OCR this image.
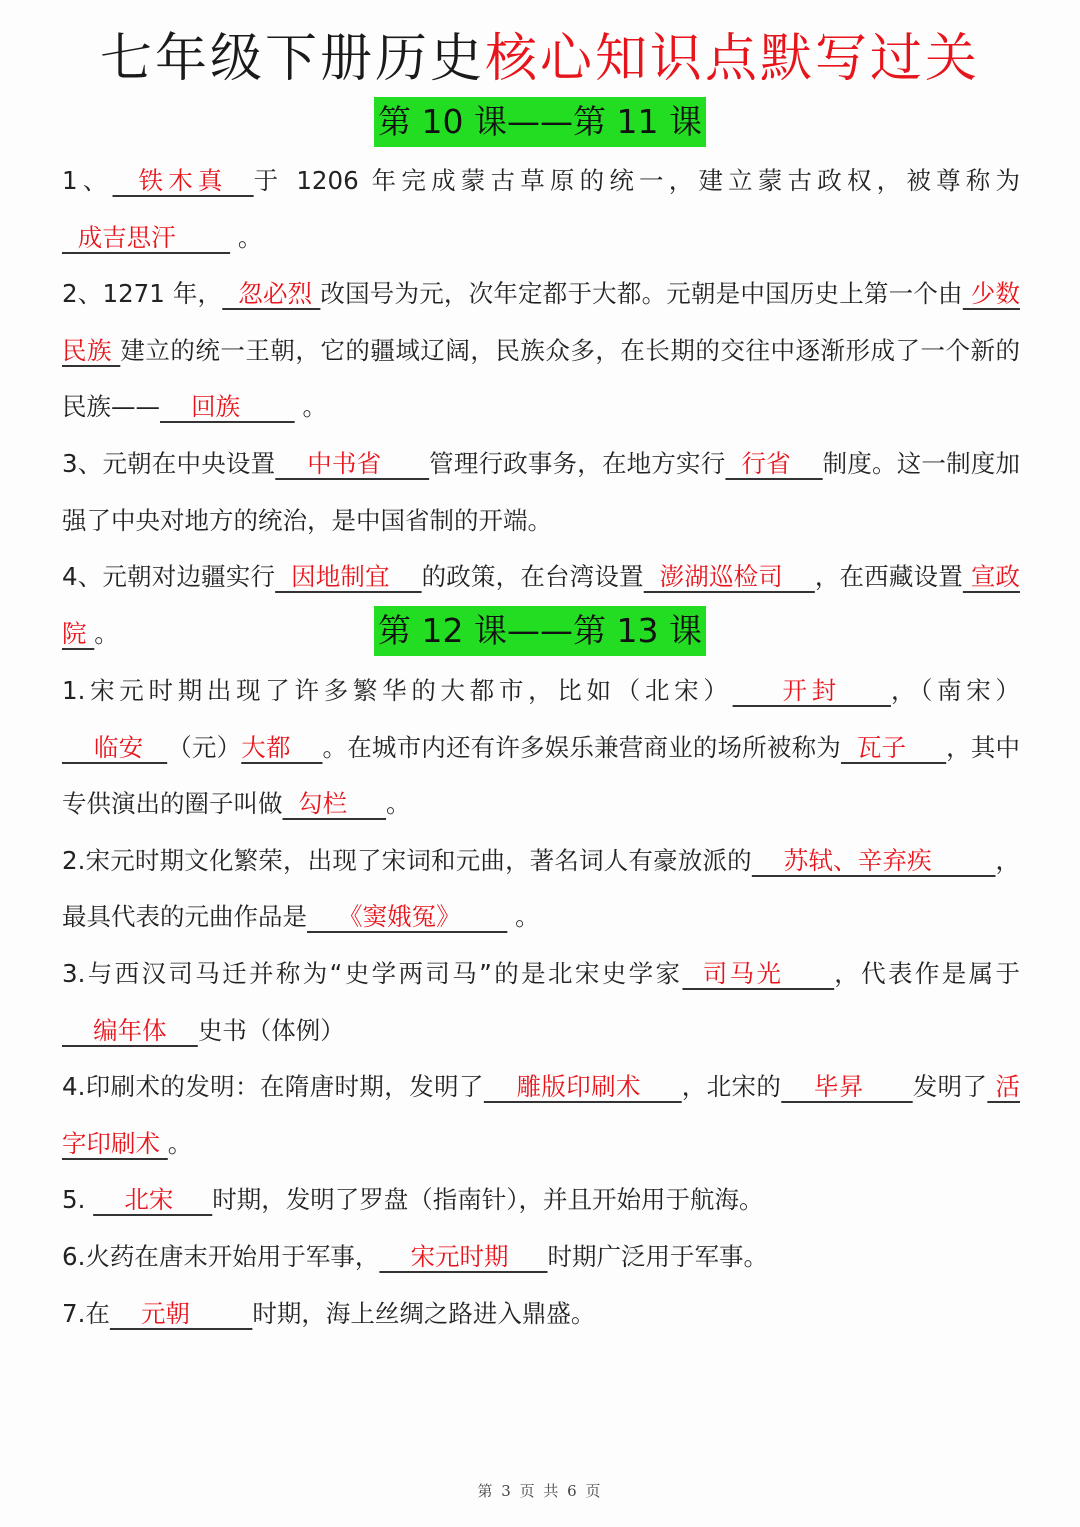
七年级下册历史核心知识点默写过关
第 10 课——第 11 课

1、  铁木真  于 1206 年完成蒙古草原的统一，建立蒙古政权，被尊称为  成吉思汗        。

2、1271 年，  忽必烈 改国号为元，次年定都于大都。元朝是中国历史上第一个由 少数民族 建立的统一王朝，它的疆域辽阔，民族众多，在长期的交往中逐渐形成了一个新的民族——    回族        。

3、元朝在中央设置    中书省      管理行政事务，在地方实行  行省    制度。这一制度加强了中央对地方的统治，是中国省制的开端。

4、元朝对边疆实行  因地制宜    的政策，在台湾设置  澎湖巡检司    ，在西藏设置 宣政院 。	第 12 课——第 13 课

1.宋元时期出现了许多繁华的大都市，比如（北宋）    开封    ，（南宋）    临安   （元）大都    。在城市内还有许多娱乐兼营商业的场所被称为  瓦子     ，其中专供演出的圈子叫做  勾栏     。

2.宋元时期文化繁荣，出现了宋词和元曲，著名词人有豪放派的    苏轼、辛弃疾        ，最具代表的元曲作品是    《窦娥冤》       。

3.与西汉司马迁并称为“史学两司马”的是北宋史学家  司马光     ，代表作是属于    编年体    史书（体例）

4.印刷术的发明：在隋唐时期，发明了    雕版印刷术     ，北宋的    毕昇      发明了 活字印刷术 。

5.     北宋     时期，发明了罗盘（指南针），并且开始用于航海。

6.火药在唐末开始用于军事，    宋元时期     时期广泛用于军事。

7.在    元朝        时期，海上丝绸之路进入鼎盛。

第 3 页 共 6 页
